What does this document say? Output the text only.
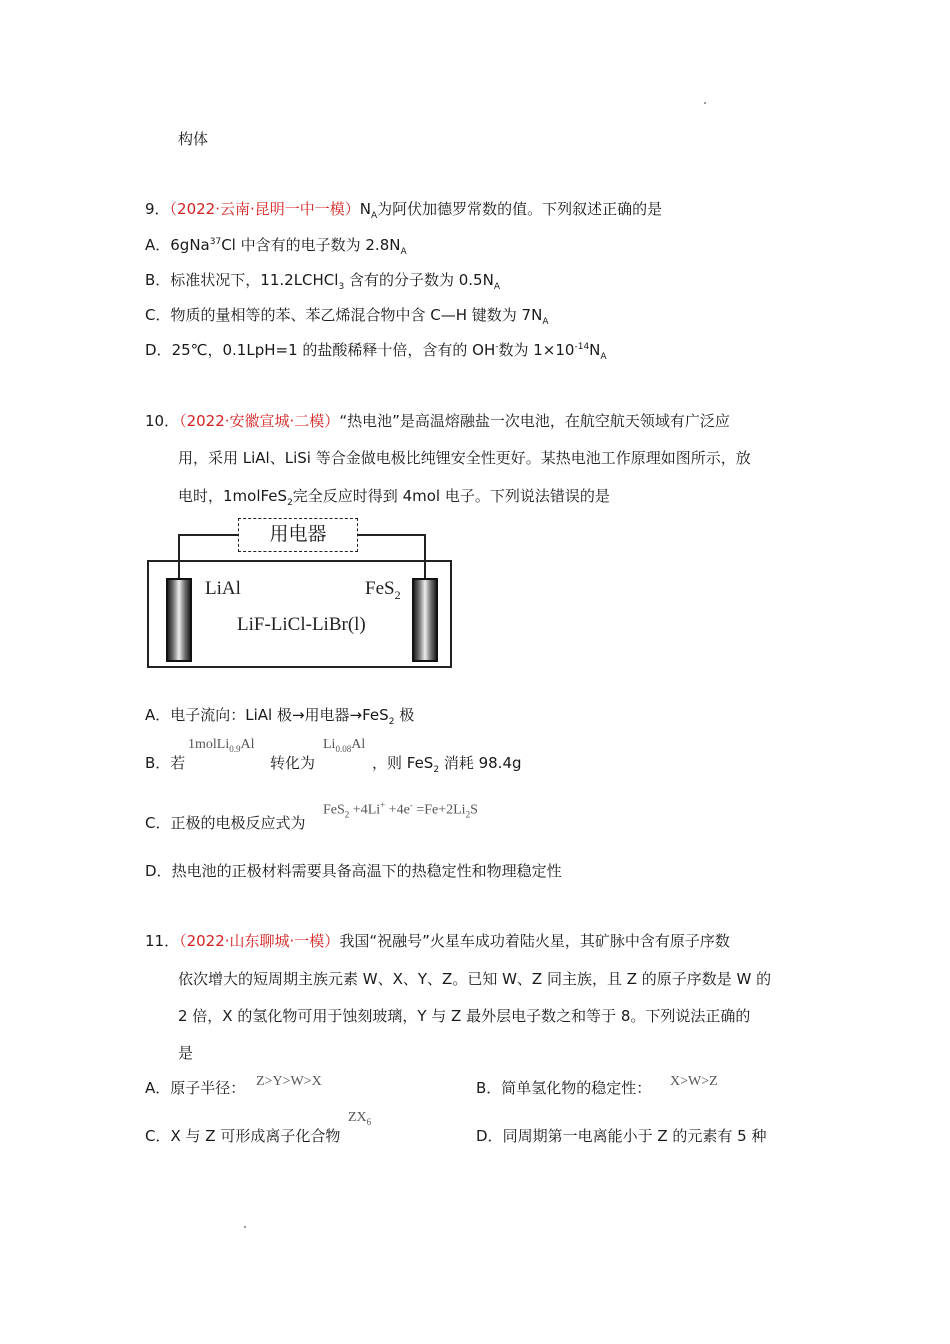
构体
9．（2022·云南·昆明一中一模）$N_A$为阿伏加德罗常数的值。下列叙述正确的是
A．6gNa$^{37}$Cl 中含有的电子数为 $2.8N_A$
B．标准状况下，11.2LCHCl$_3$ 含有的分子数为 $0.5N_A$
C．物质的量相等的苯、苯乙烯混合物中含 C—H 键数为 $7N_A$
D．25℃，0.1LpH=1 的盐酸稀释十倍，含有的 OH-数为 $1\times 10^{-14}N_A$
10．（2022·安徽宣城·二模）“热电池”是高温熔融盐一次电池，在航空航天领域有广泛应
用，采用 LiAl、LiSi 等合金做电极比纯锂安全性更好。某热电池工作原理如图所示，放
电时，1molFeS$_2$完全反应时得到 4mol 电子。下列说法错误的是
用电器
LiAl	FeS$_2$
LiF-LiCl-LiBr(l)
A．电子流向：LiAl 极→用电器→FeS$_2$ 极
B．若
1molLi$_{0.9}$Al
转化为
$Li_{0.08}Al$
，则 FeS$_2$ 消耗 98.4g
C．正极的电极反应式为
$FeS_2 +4Li^+ +4e^- =Fe+2Li_2S$
D．热电池的正极材料需要具备高温下的热稳定性和物理稳定性
11．（2022·山东聊城·一模）我国“祝融号”火星车成功着陆火星，其矿脉中含有原子序数
依次增大的短周期主族元素 W、X、Y、Z。已知 W、Z 同主族，且 Z 的原子序数是 W 的
2 倍，X 的氢化物可用于蚀刻玻璃，Y 与 Z 最外层电子数之和等于 8。下列说法正确的
是
A．原子半径： Z>Y>W>X	B．简单氢化物的稳定性： X>W>Z
C．X 与 Z 可形成离子化合物
$ZX_6$
D．同周期第一电离能小于 Z 的元素有 5 种
